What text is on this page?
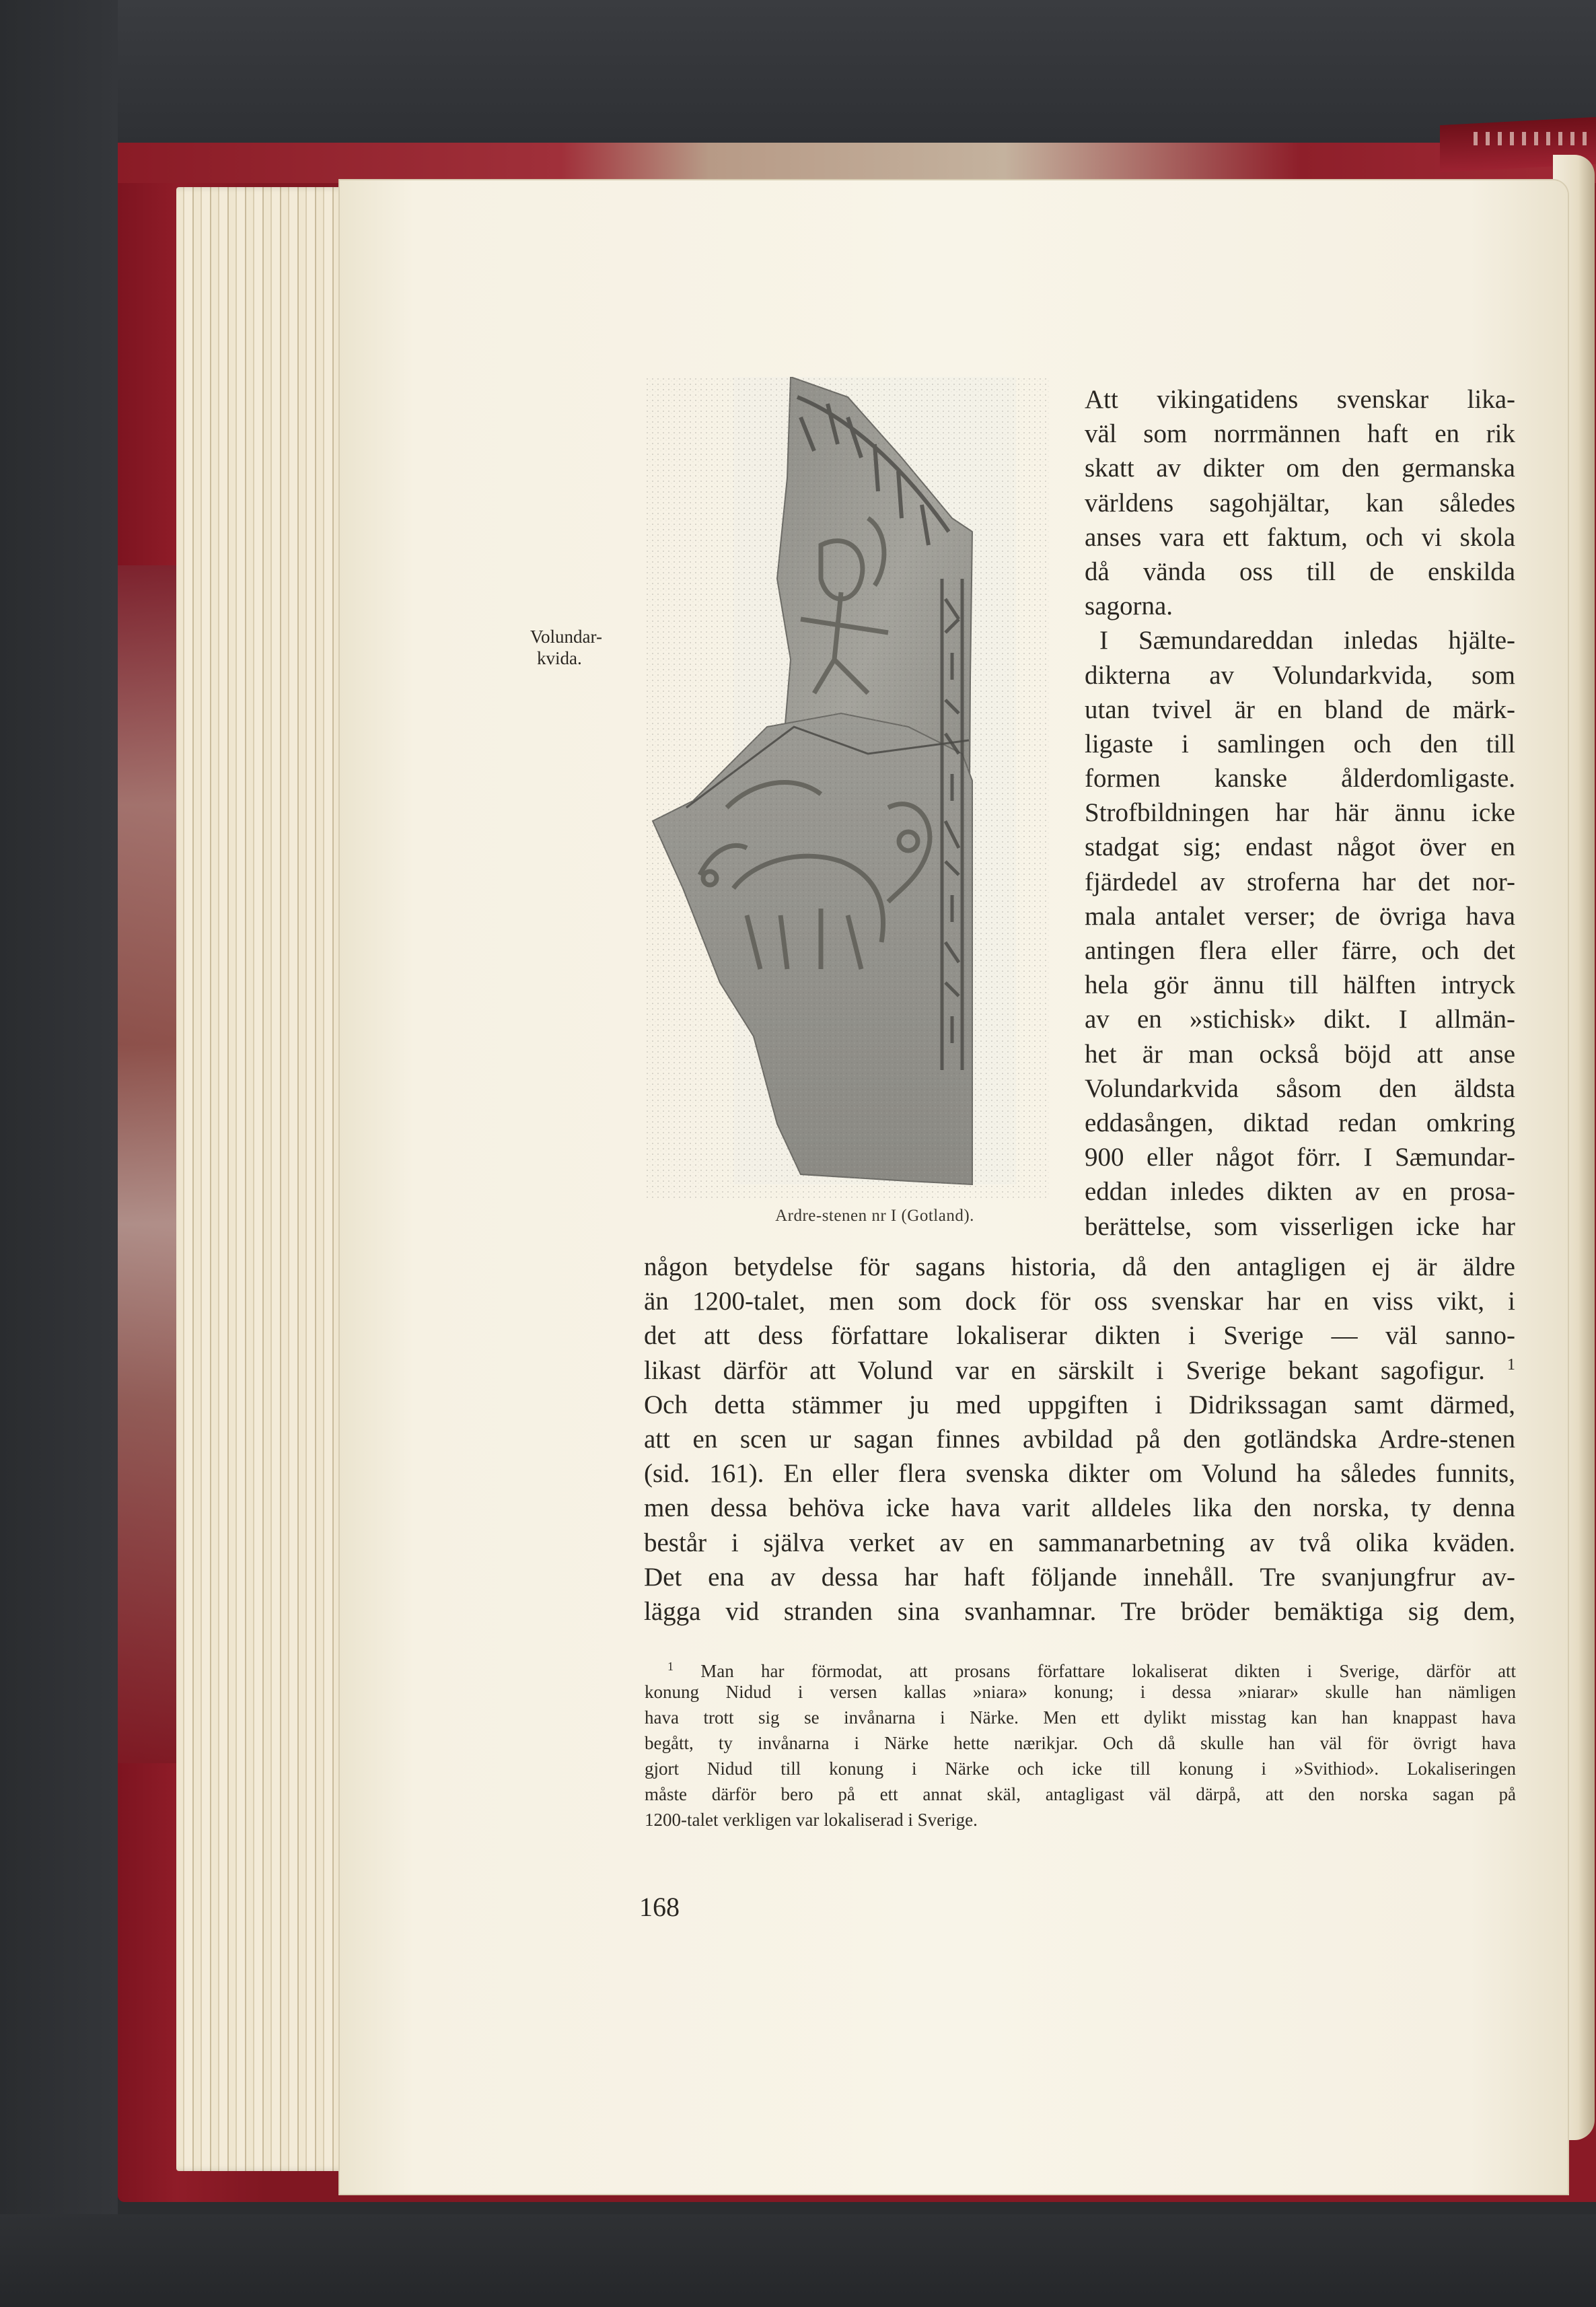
Volundar-
kvida.
Ardre-stenen nr I (Gotland).
Att vikingatidens svenskar lika-
väl som norrmännen haft en rik
skatt av dikter om den germanska
världens sagohjältar, kan således
anses vara ett faktum, och vi skola
då vända oss till de enskilda
sagorna.
I Sæmundareddan inledas hjälte-
dikterna av Volundarkvida, som
utan tvivel är en bland de märk-
ligaste i samlingen och den till
formen kanske ålderdomligaste.
Strofbildningen har här ännu icke
stadgat sig; endast något över en
fjärdedel av stroferna har det nor-
mala antalet verser; de övriga hava
antingen flera eller färre, och det
hela gör ännu till hälften intryck
av en »stichisk» dikt. I allmän-
het är man också böjd att anse
Volundarkvida såsom den äldsta
eddasången, diktad redan omkring
900 eller något förr. I Sæmundar-
eddan inledes dikten av en prosa-
berättelse, som visserligen icke har
någon betydelse för sagans historia, då den antagligen ej är äldre
än 1200-talet, men som dock för oss svenskar har en viss vikt, i
det att dess författare lokaliserar dikten i Sverige — väl sanno-
likast därför att Volund var en särskilt i Sverige bekant sagofigur. $^1$
Och detta stämmer ju med uppgiften i Didrikssagan samt därmed,
att en scen ur sagan finnes avbildad på den gotländska Ardre-stenen
(sid. 161). En eller flera svenska dikter om Volund ha således funnits,
men dessa behöva icke hava varit alldeles lika den norska, ty denna
består i själva verket av en sammanarbetning av två olika kväden.
Det ena av dessa har haft följande innehåll. Tre svanjungfrur av-
lägga vid stranden sina svanhamnar. Tre bröder bemäktiga sig dem,
$^1$ Man har förmodat, att prosans författare lokaliserat dikten i Sverige, därför att
konung Nidud i versen kallas »niara» konung; i dessa »niarar» skulle han nämligen
hava trott sig se invånarna i Närke. Men ett dylikt misstag kan han knappast hava
begått, ty invånarna i Närke hette nærikjar. Och då skulle han väl för övrigt hava
gjort Nidud till konung i Närke och icke till konung i »Svithiod». Lokaliseringen
måste därför bero på ett annat skäl, antagligast väl därpå, att den norska sagan på
1200-talet verkligen var lokaliserad i Sverige.
168
